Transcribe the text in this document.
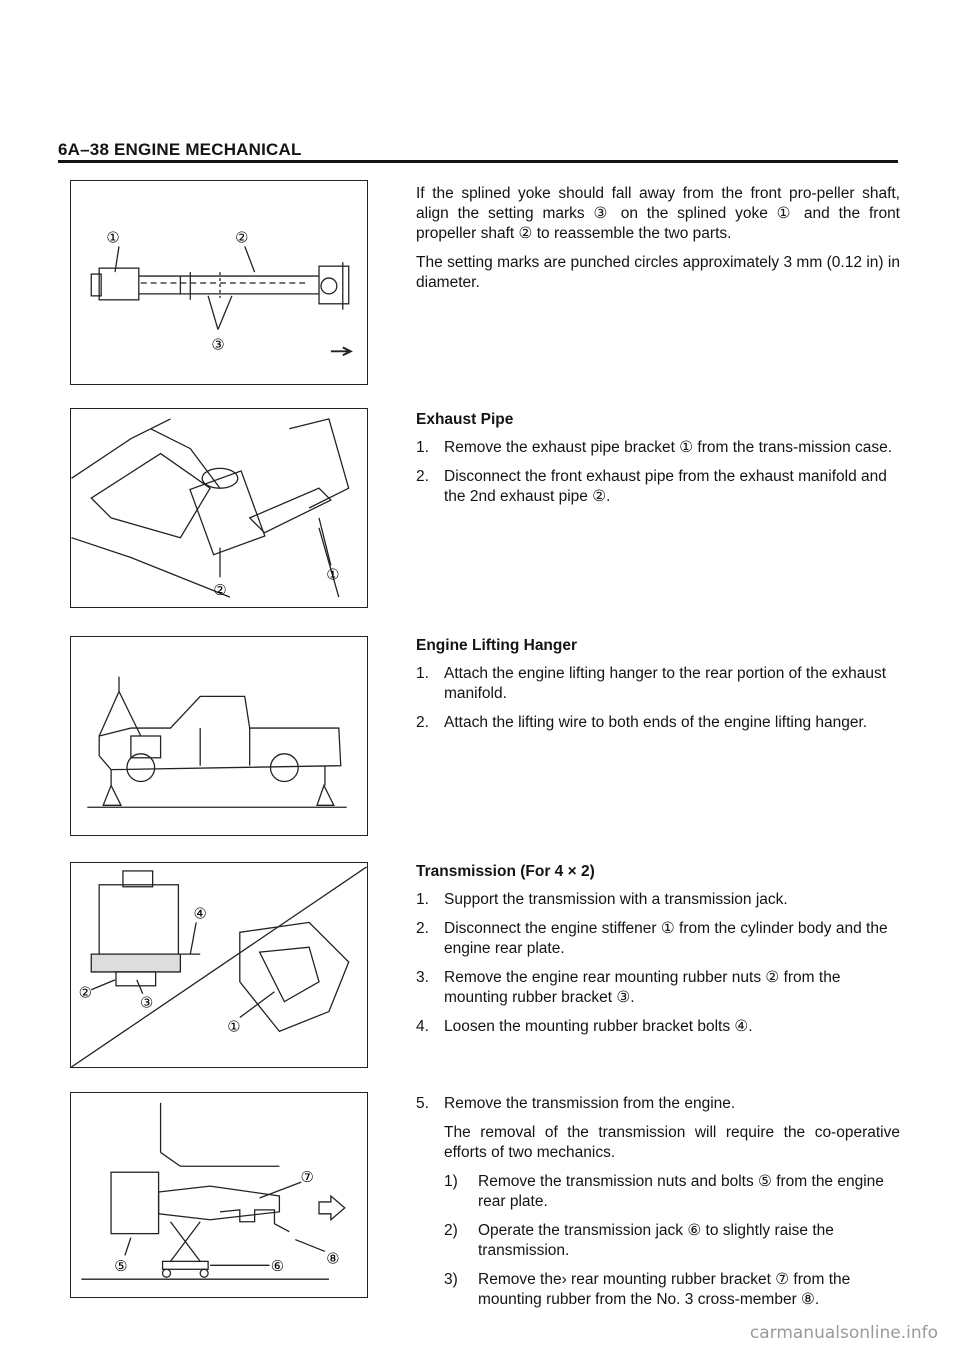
6A–38 ENGINE MECHANICAL
①	②
③
②
①
④
②
③
①
⑤	⑥
⑦
⑧

If the splined yoke should fall away from the front pro-peller shaft, align the setting marks ③ on the splined yoke ① and the front propeller shaft ② to reassemble the two parts.

The setting marks are punched circles approximately 3 mm (0.12 in) in diameter.

Exhaust Pipe
1. Remove the exhaust pipe bracket ① from the trans-mission case.
2. Disconnect the front exhaust pipe from the exhaust manifold and the 2nd exhaust pipe ②.
Engine Lifting Hanger
1. Attach the engine lifting hanger to the rear portion of the exhaust manifold.
2. Attach the lifting wire to both ends of the engine lifting hanger.
Transmission (For 4 × 2)
1. Support the transmission with a transmission jack.
2. Disconnect the engine stiffener ① from the cylinder body and the engine rear plate.
3. Remove the engine rear mounting rubber nuts ② from the mounting rubber bracket ③.
4. Loosen the mounting rubber bracket bolts ④.
5. Remove the transmission from the engine.
The removal of the transmission will require the co-operative efforts of two mechanics.
1)	Remove the transmission nuts and bolts ⑤ from the engine rear plate.
2)	Operate the transmission jack ⑥ to slightly raise the transmission.
3)	Remove the› rear mounting rubber bracket ⑦ from the mounting rubber from the No. 3 cross-member ⑧.
carmanualsonline.info
